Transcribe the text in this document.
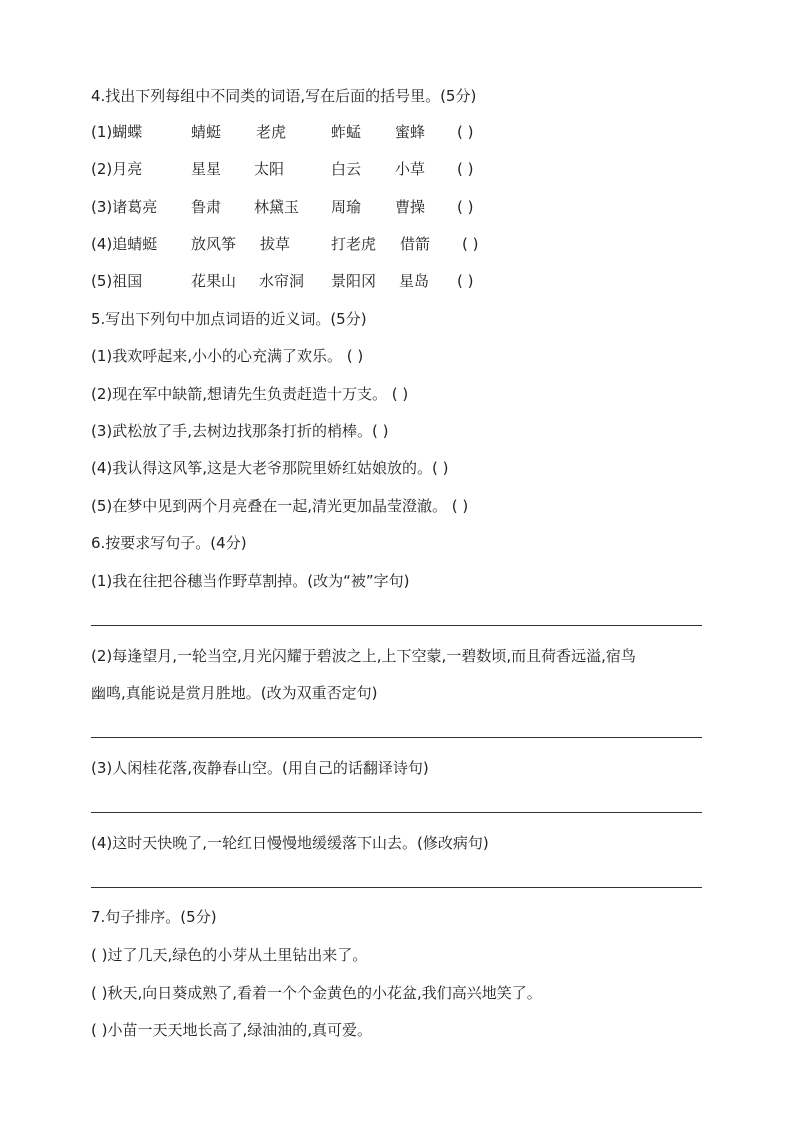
4.找出下列每组中不同类的词语,写在后面的括号里。(5分)
(1)蝴蝶	蜻蜓 老虎	蚱蜢 蜜蜂 ( )
(2)月亮	星星 太阳	白云 小草 ( )
(3)诸葛亮 鲁肃 林黛玉 周瑜 曹操 ( )
(4)追蜻蜓 放风筝 拔草	打老虎 借箭 ( )
(5)祖国	花果山 水帘洞 景阳冈 星岛 ( )
5.写出下列句中加点词语的近义词。(5分)
(1)我欢呼起来,小小的心充满了欢乐。 ( )
(2)现在军中缺箭,想请先生负责赶造十万支。 ( )
(3)武松放了手,去树边找那条打折的梢棒。( )
(4)我认得这风筝,这是大老爷那院里娇红姑娘放的。( )
(5)在梦中见到两个月亮叠在一起,清光更加晶莹澄澈。 ( )
6.按要求写句子。(4分)
(1)我在往把谷穗当作野草割掉。(改为“被”字句)
(2)每逢望月,一轮当空,月光闪耀于碧波之上,上下空蒙,一碧数顷,而且荷香远溢,宿鸟
幽鸣,真能说是赏月胜地。(改为双重否定句)
(3)人闲桂花落,夜静春山空。(用自己的话翻译诗句)
(4)这时天快晚了,一轮红日慢慢地缓缓落下山去。(修改病句)
7.句子排序。(5分)
( )过了几天,绿色的小芽从土里钻出来了。
( )秋天,向日葵成熟了,看着一个个金黄色的小花盆,我们高兴地笑了。
( )小苗一天天地长高了,绿油油的,真可爱。
